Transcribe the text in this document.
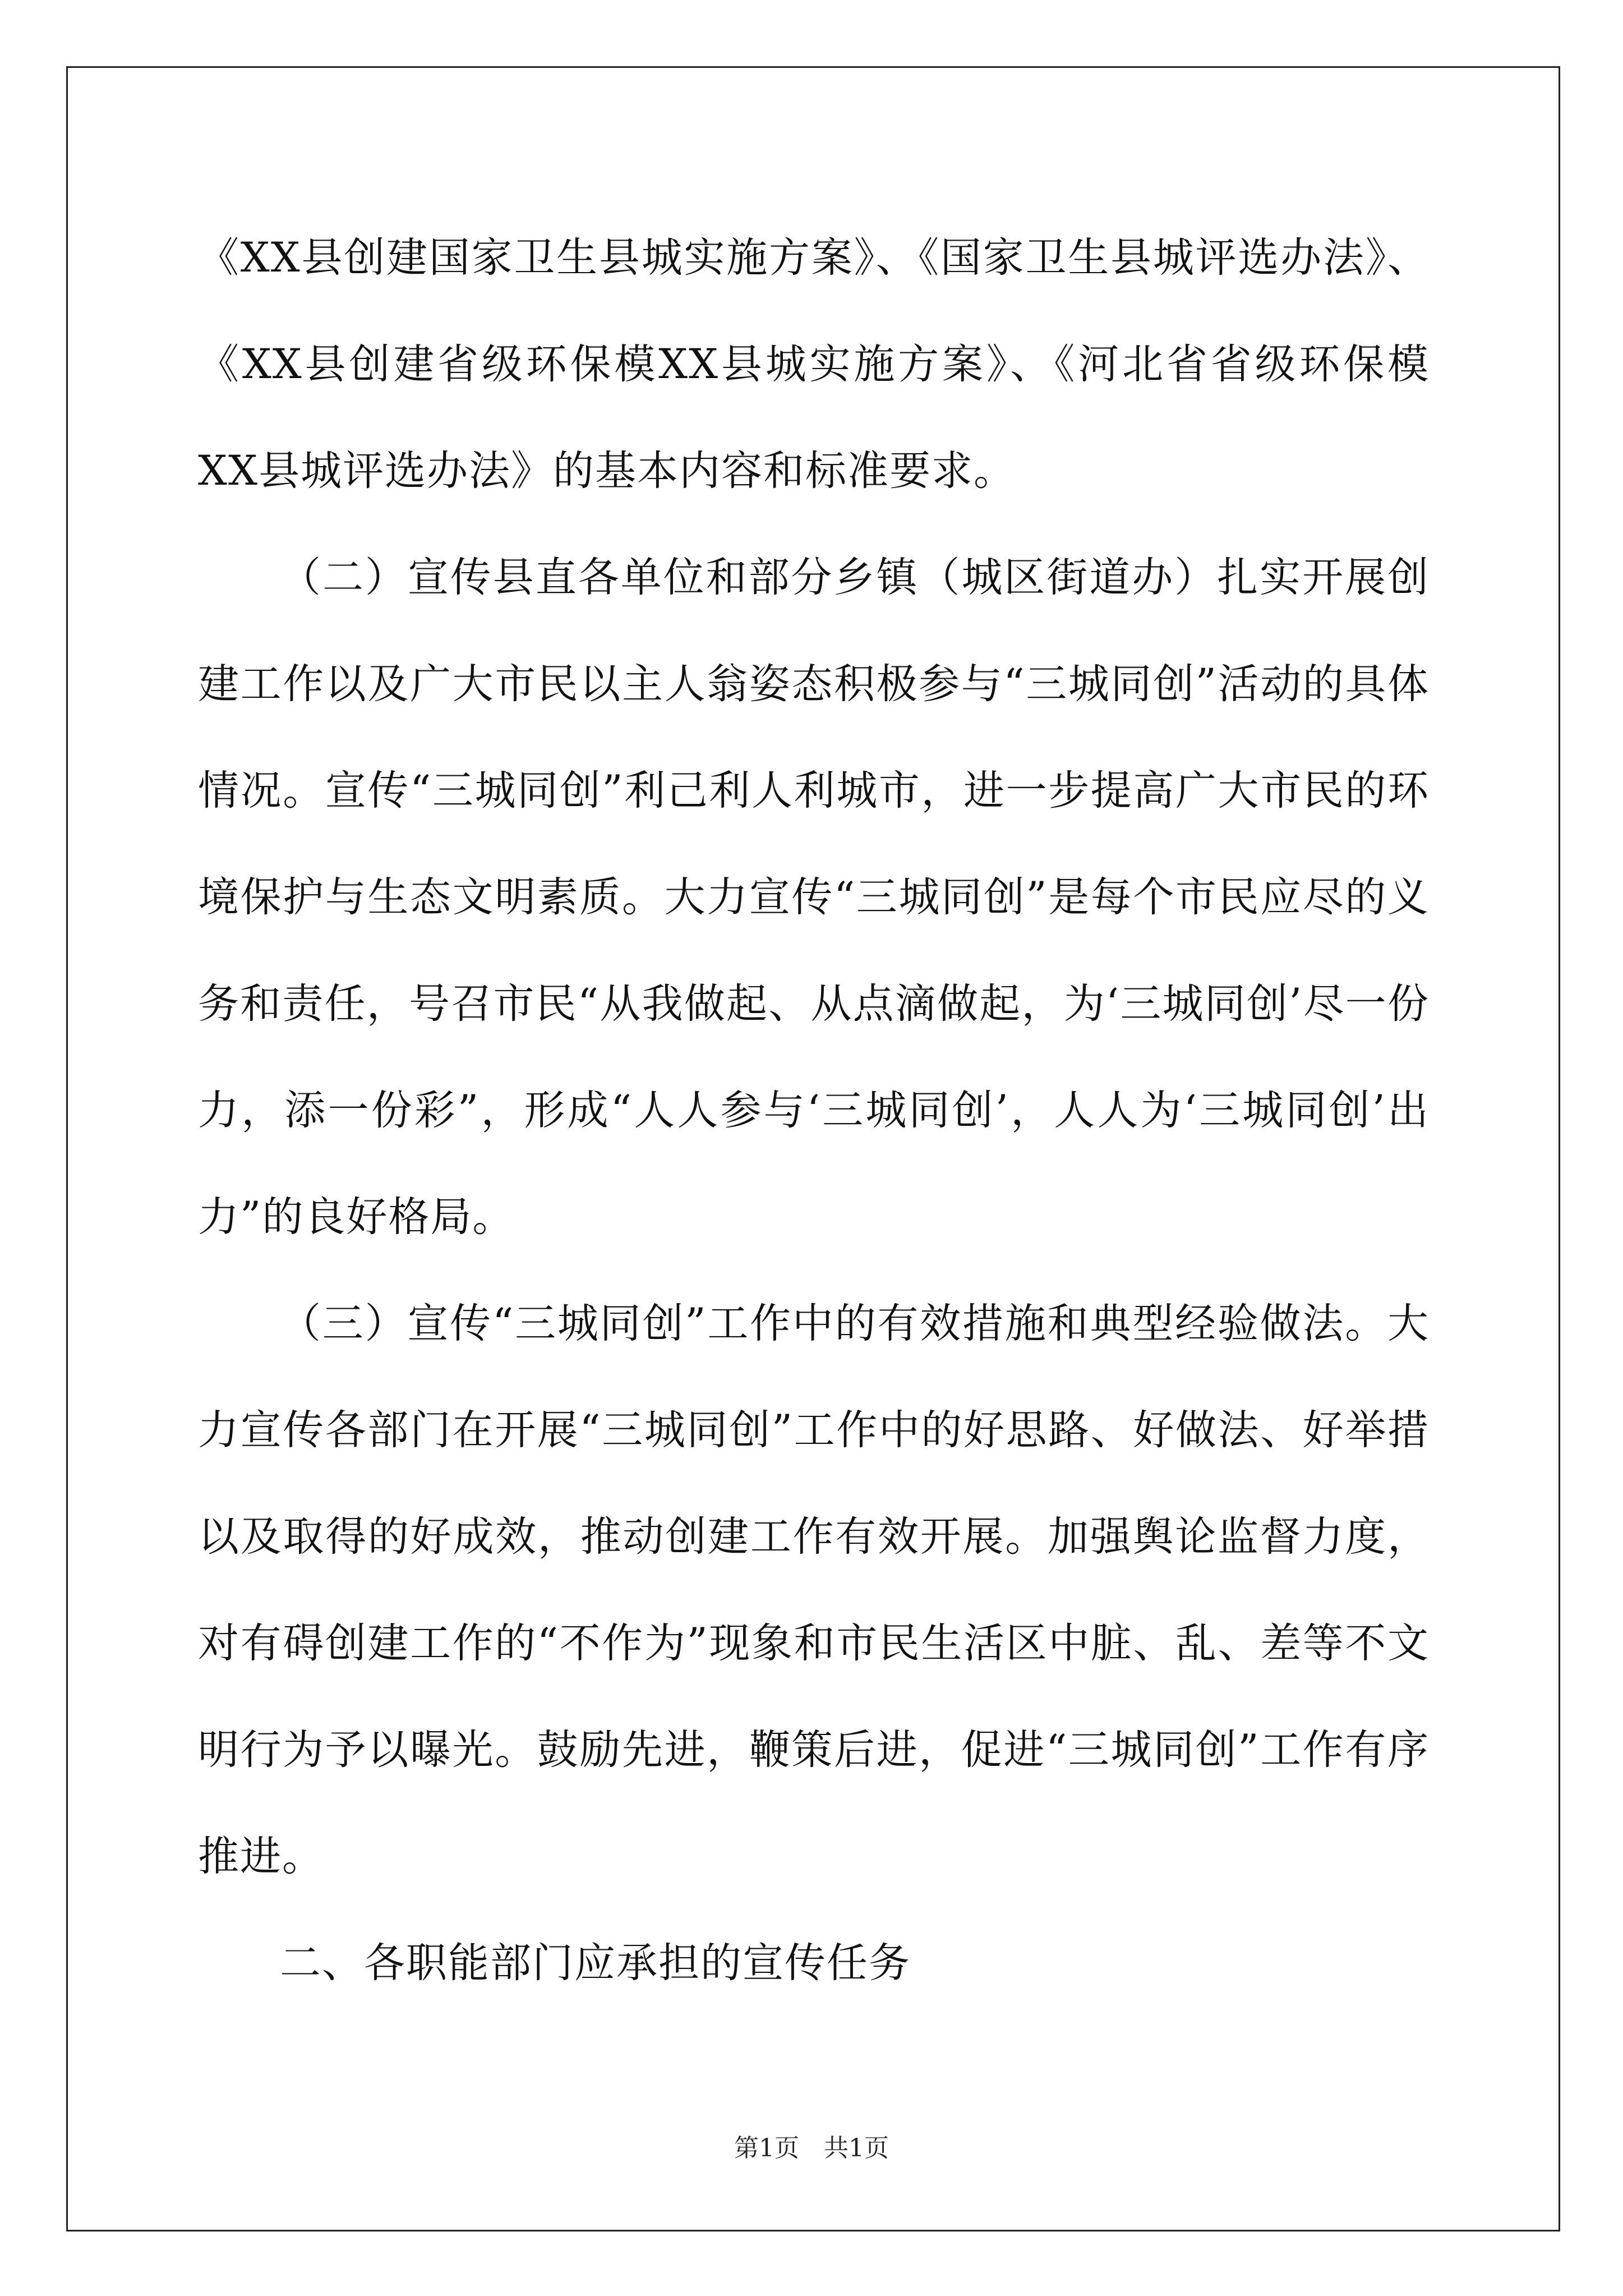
《XX县创建国家卫生县城实施方案》、《国家卫生县城评选办法》、《XX县创建省级环保模XX县城实施方案》、《河北省省级环保模XX县城评选办法》的基本内容和标准要求。

（二）宣传县直各单位和部分乡镇（城区街道办）扎实开展创建工作以及广大市民以主人翁姿态积极参与“三城同创”活动的具体情况。宣传“三城同创”利己利人利城市，进一步提高广大市民的环境保护与生态文明素质。大力宣传“三城同创”是每个市民应尽的义务和责任，号召市民“从我做起、从点滴做起，为‘三城同创’尽一份力，添一份彩”，形成“人人参与‘三城同创’，人人为‘三城同创’出力”的良好格局。

（三）宣传“三城同创”工作中的有效措施和典型经验做法。大力宣传各部门在开展“三城同创”工作中的好思路、好做法、好举措以及取得的好成效，推动创建工作有效开展。加强舆论监督力度，对有碍创建工作的“不作为”现象和市民生活区中脏、乱、差等不文明行为予以曝光。鼓励先进，鞭策后进，促进“三城同创”工作有序推进。

二、各职能部门应承担的宣传任务

第1页　共1页
